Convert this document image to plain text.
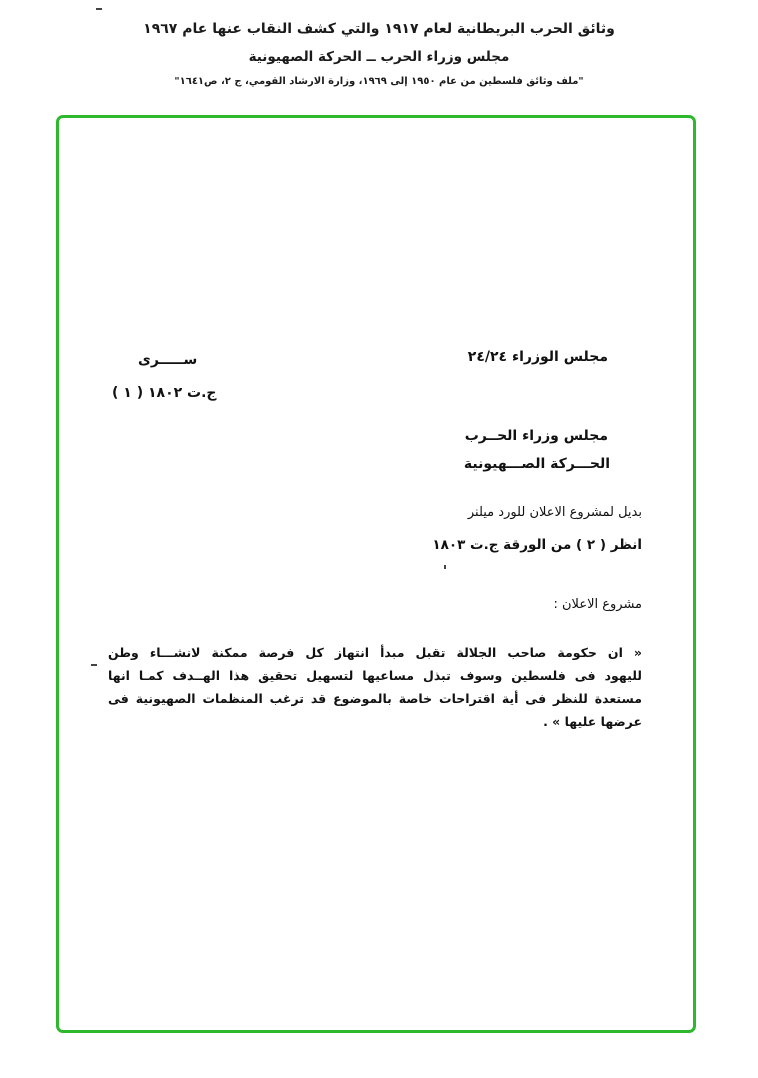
وثائق الحرب البريطانية لعام ١٩١٧ والتي كشف النقاب عنها عام ١٩٦٧
مجلس وزراء الحرب ــ الحركة الصهيونية
"ملف وثائق فلسطين من عام ١٩٥٠ إلى ١٩٦٩، وزارة الارشاد القومي، ج ٢، ص١٦٤١"
مجلس الوزراء ٢٤/٢٤
ســـــرى
ج.ت ١٨٠٢ ( ١ )
مجلس وزراء الحــرب
الحـــركة الصـــهيونية
بديل لمشروع الاعلان للورد ميلنر
انظر ( ٢ ) من الورقة ج.ت ١٨٠٣
مشروع الاعلان :
« ان حكومة صاحب الجلالة تقبل مبدأ انتهاز كل فرصة ممكنة لانشـــاء وطن
لليهود فى فلسطين وسوف تبذل مساعيها لتسهيل تحقيق هذا الهــدف كمـا انها
مستعدة للنظر فى أية اقتراحات خاصة بالموضوع قد ترغب المنظمات الصهيونية فى
عرضها عليها » .
